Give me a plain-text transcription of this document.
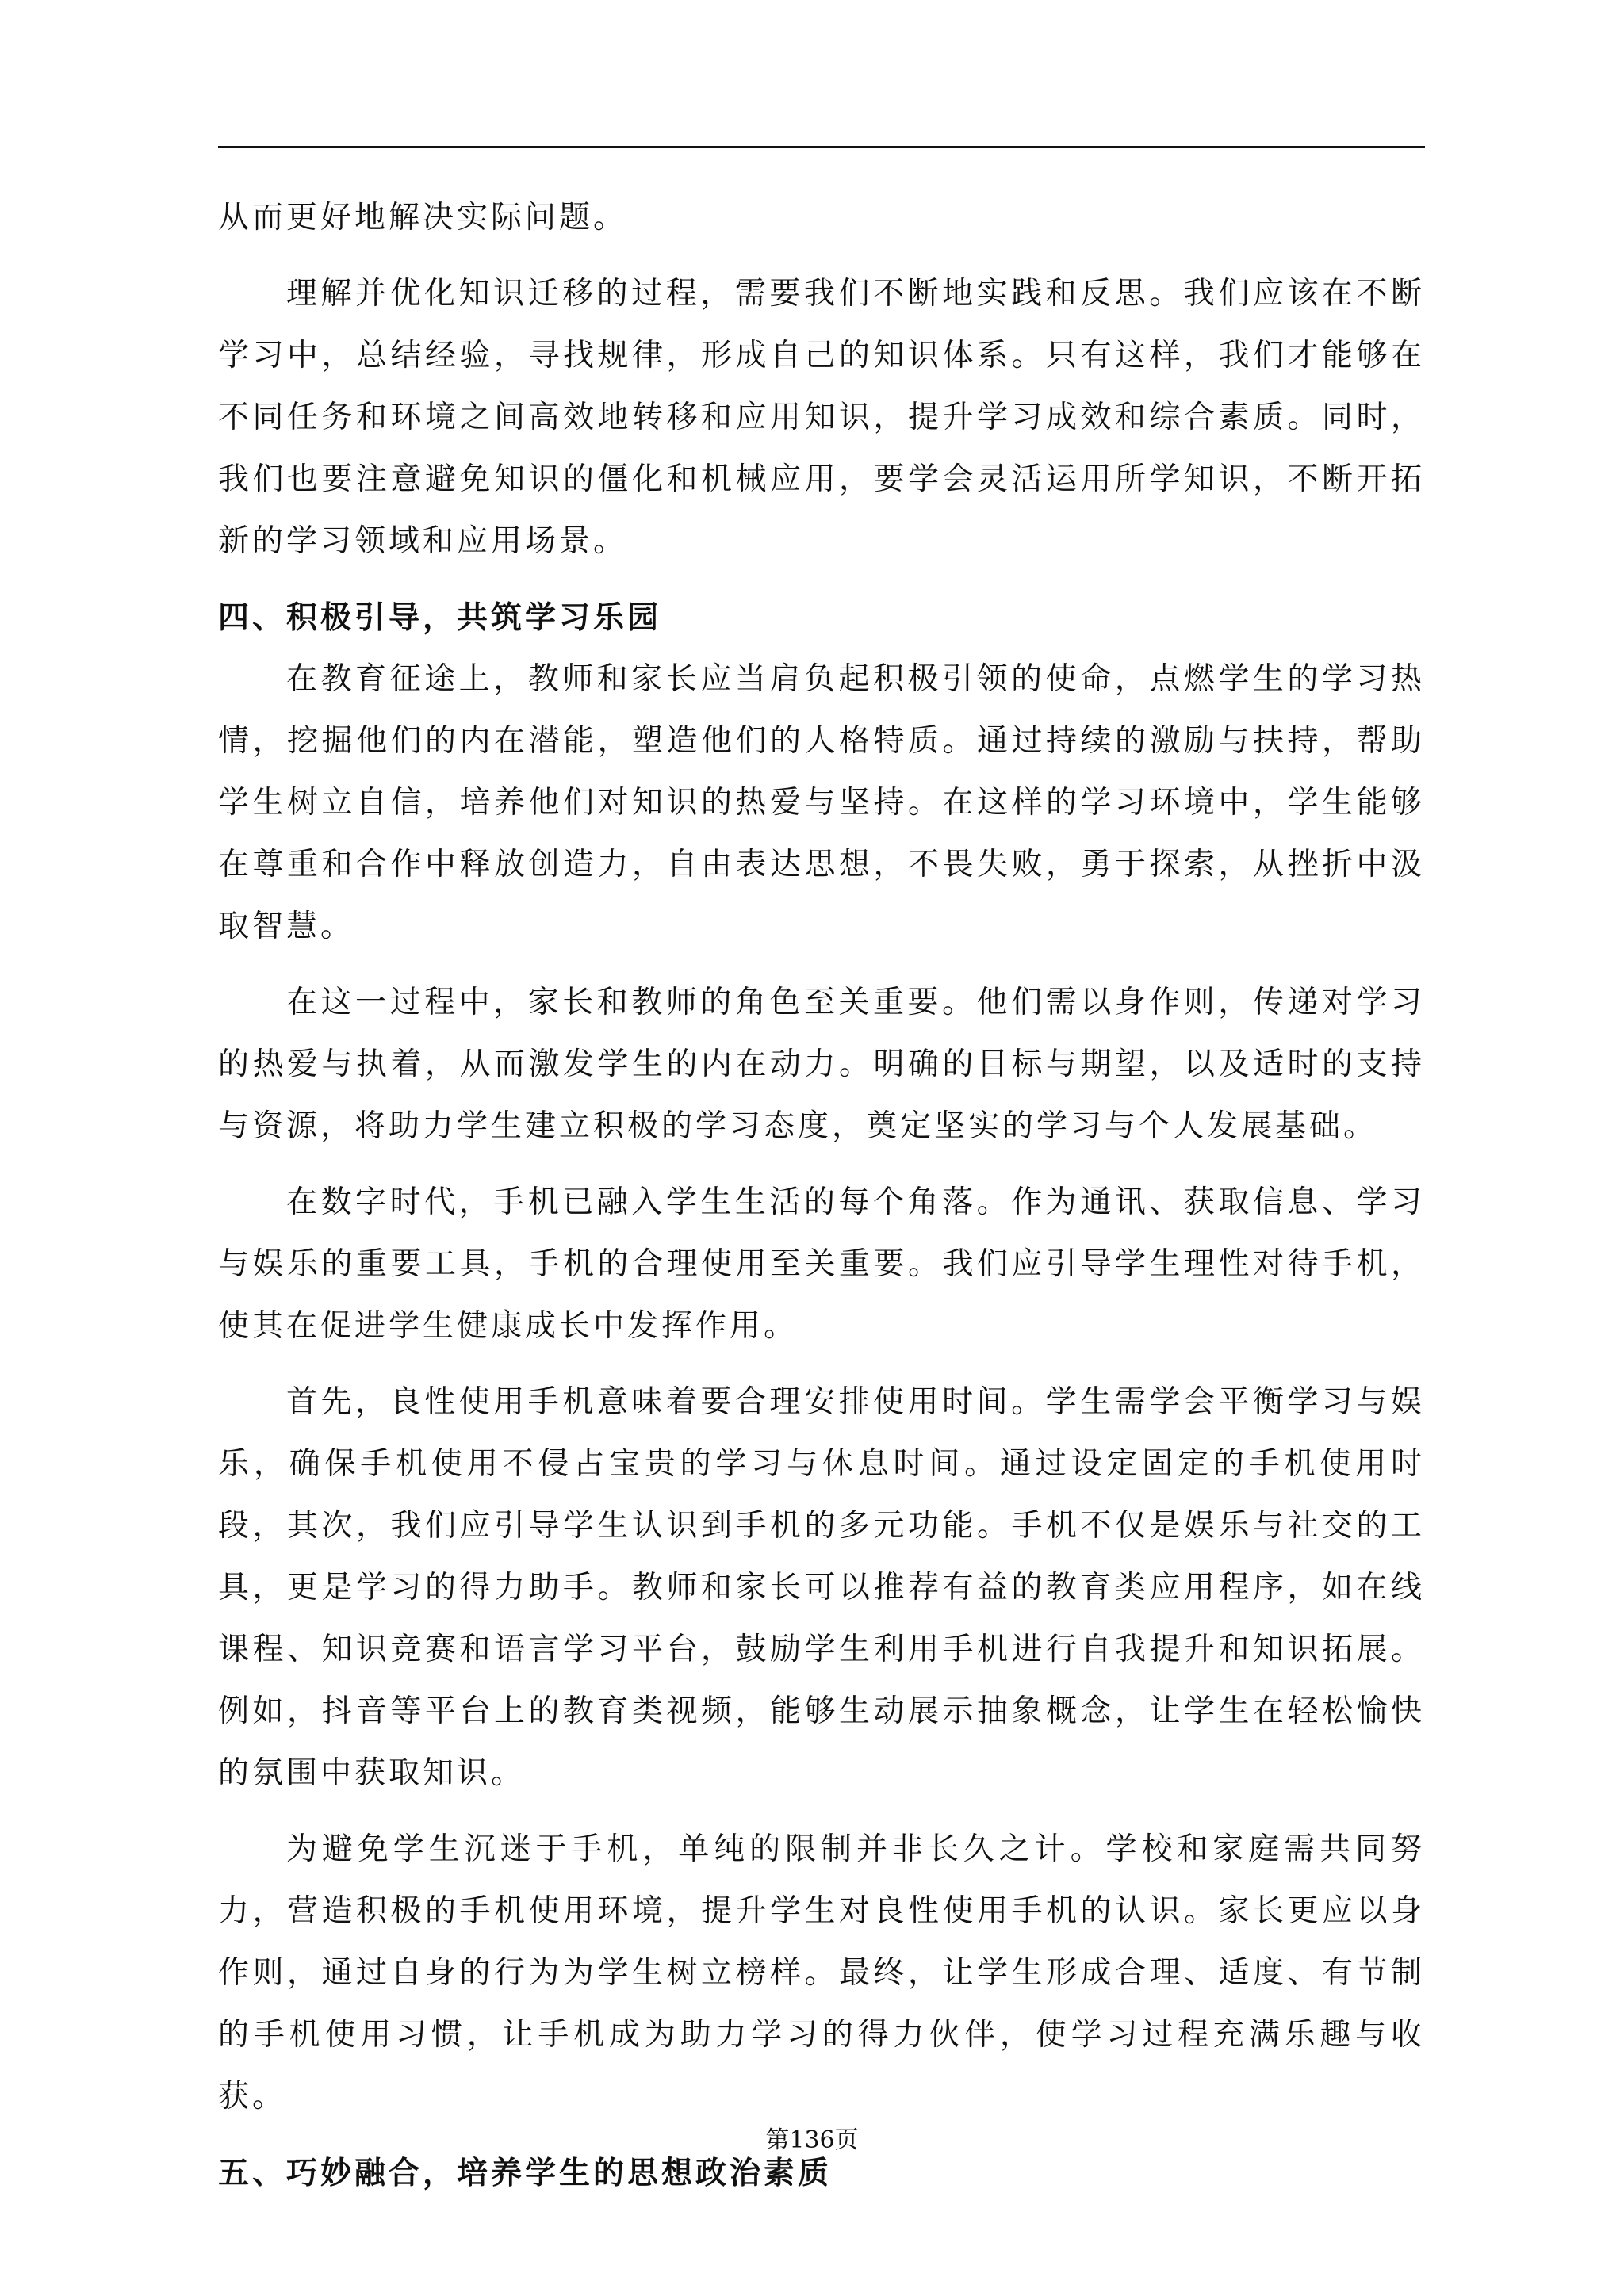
从而更好地解决实际问题。

理解并优化知识迁移的过程，需要我们不断地实践和反思。我们应该在不断学习中，总结经验，寻找规律，形成自己的知识体系。只有这样，我们才能够在不同任务和环境之间高效地转移和应用知识，提升学习成效和综合素质。同时，我们也要注意避免知识的僵化和机械应用，要学会灵活运用所学知识，不断开拓新的学习领域和应用场景。

四、积极引导，共筑学习乐园

在教育征途上，教师和家长应当肩负起积极引领的使命，点燃学生的学习热情，挖掘他们的内在潜能，塑造他们的人格特质。通过持续的激励与扶持，帮助学生树立自信，培养他们对知识的热爱与坚持。在这样的学习环境中，学生能够在尊重和合作中释放创造力，自由表达思想，不畏失败，勇于探索，从挫折中汲取智慧。

在这一过程中，家长和教师的角色至关重要。他们需以身作则，传递对学习的热爱与执着，从而激发学生的内在动力。明确的目标与期望，以及适时的支持与资源，将助力学生建立积极的学习态度，奠定坚实的学习与个人发展基础。

在数字时代，手机已融入学生生活的每个角落。作为通讯、获取信息、学习与娱乐的重要工具，手机的合理使用至关重要。我们应引导学生理性对待手机，使其在促进学生健康成长中发挥作用。

首先，良性使用手机意味着要合理安排使用时间。学生需学会平衡学习与娱乐，确保手机使用不侵占宝贵的学习与休息时间。通过设定固定的手机使用时段，其次，我们应引导学生认识到手机的多元功能。手机不仅是娱乐与社交的工具，更是学习的得力助手。教师和家长可以推荐有益的教育类应用程序，如在线课程、知识竞赛和语言学习平台，鼓励学生利用手机进行自我提升和知识拓展。例如，抖音等平台上的教育类视频，能够生动展示抽象概念，让学生在轻松愉快的氛围中获取知识。

为避免学生沉迷于手机，单纯的限制并非长久之计。学校和家庭需共同努力，营造积极的手机使用环境，提升学生对良性使用手机的认识。家长更应以身作则，通过自身的行为为学生树立榜样。最终，让学生形成合理、适度、有节制的手机使用习惯，让手机成为助力学习的得力伙伴，使学习过程充满乐趣与收获。

五、巧妙融合，培养学生的思想政治素质
第136页
